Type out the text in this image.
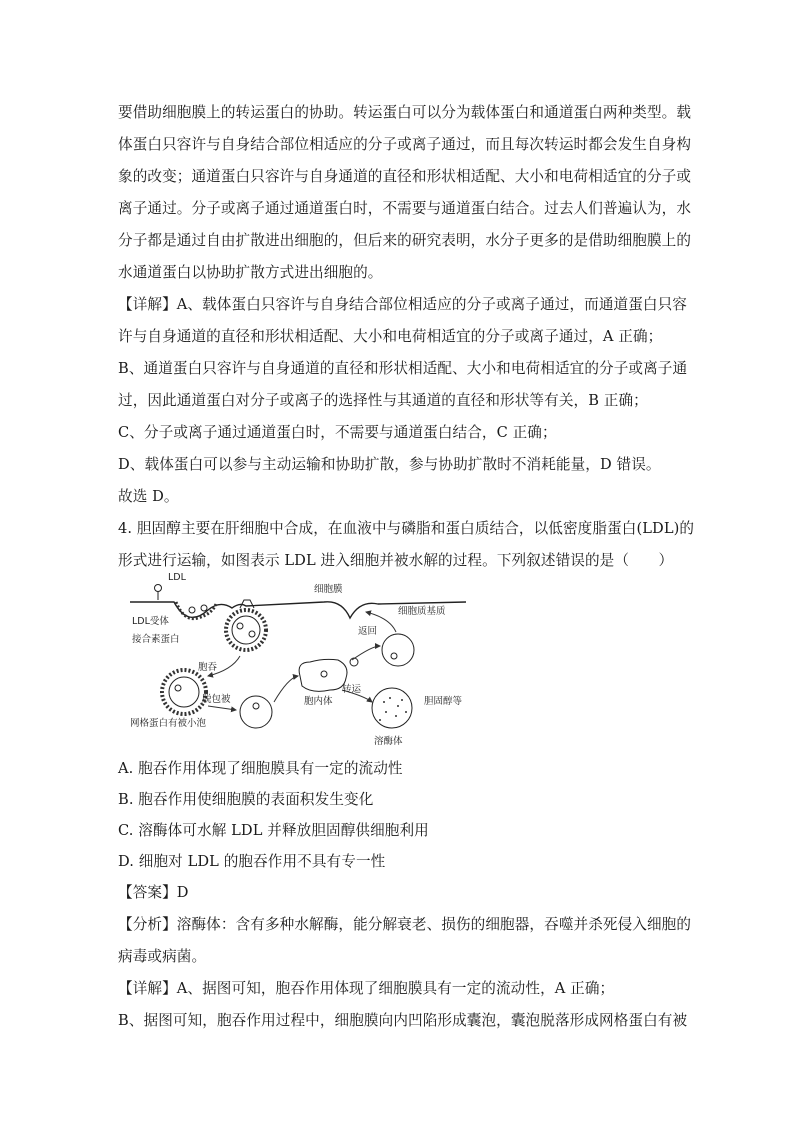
要借助细胞膜上的转运蛋白的协助。转运蛋白可以分为载体蛋白和通道蛋白两种类型。载
体蛋白只容许与自身结合部位相适应的分子或离子通过，而且每次转运时都会发生自身构
象的改变；通道蛋白只容许与自身通道的直径和形状相适配、大小和电荷相适宜的分子或
离子通过。分子或离子通过通道蛋白时，不需要与通道蛋白结合。过去人们普遍认为，水
分子都是通过自由扩散进出细胞的，但后来的研究表明，水分子更多的是借助细胞膜上的
水通道蛋白以协助扩散方式进出细胞的。
【详解】A、载体蛋白只容许与自身结合部位相适应的分子或离子通过，而通道蛋白只容
许与自身通道的直径和形状相适配、大小和电荷相适宜的分子或离子通过，A 正确；
B、通道蛋白只容许与自身通道的直径和形状相适配、大小和电荷相适宜的分子或离子通
过，因此通道蛋白对分子或离子的选择性与其通道的直径和形状等有关，B 正确；
C、分子或离子通过通道蛋白时，不需要与通道蛋白结合，C 正确；
D、载体蛋白可以参与主动运输和协助扩散，参与协助扩散时不消耗能量，D 错误。
故选 D。
4. 胆固醇主要在肝细胞中合成，在血液中与磷脂和蛋白质结合，以低密度脂蛋白(LDL)的
形式进行运输，如图表示 LDL 进入细胞并被水解的过程。下列叙述错误的是（　　）
LDL
LDL受体
接合素蛋白
细胞膜
细胞质基质
胞吞
返回
网格蛋白有被小泡
脱包被	胞内体
转运
胆固醇等
溶酶体
A. 胞吞作用体现了细胞膜具有一定的流动性
B. 胞吞作用使细胞膜的表面积发生变化
C. 溶酶体可水解 LDL 并释放胆固醇供细胞利用
D. 细胞对 LDL 的胞吞作用不具有专一性
【答案】D
【分析】溶酶体：含有多种水解酶，能分解衰老、损伤的细胞器，吞噬并杀死侵入细胞的
病毒或病菌。
【详解】A、据图可知，胞吞作用体现了细胞膜具有一定的流动性，A 正确；
B、据图可知，胞吞作用过程中，细胞膜向内凹陷形成囊泡，囊泡脱落形成网格蛋白有被
